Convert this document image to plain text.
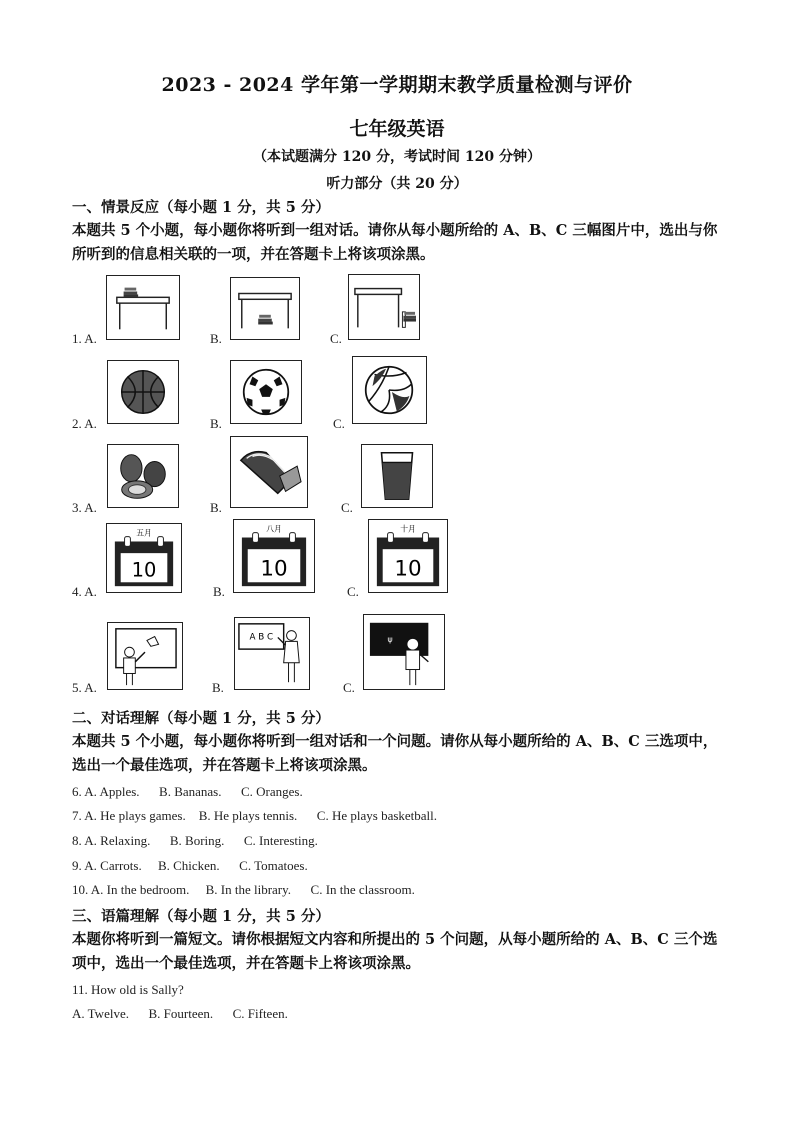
2023 - 2024 学年第一学期期末教学质量检测与评价
七年级英语
（本试题满分 120 分，考试时间 120 分钟）
听力部分（共 20 分）
一、情景反应（每小题 1 分，共 5 分）
本题共 5 个小题，每小题你将听到一组对话。请你从每小题所给的 A、B、C 三幅图片中，选出与你所听到的信息相关联的一项，并在答题卡上将该项涂黑。
1. A.	B.	C.
2. A.	B.	C.
3. A.	B.	C.
4. A.	B.	C.
五月
10
八月
10
十月
10
5. A.	B.	C.
A B C	ψ
二、对话理解（每小题 1 分，共 5 分）
本题共 5 个小题，每小题你将听到一组对话和一个问题。请你从每小题所给的 A、B、C 三选项中，选出一个最佳选项，并在答题卡上将该项涂黑。
6. A. Apples.      B. Bananas.      C. Oranges.
7. A. He plays games.    B. He plays tennis.      C. He plays basketball.
8. A. Relaxing.      B. Boring.      C. Interesting.
9. A. Carrots.     B. Chicken.      C. Tomatoes.
10. A. In the bedroom.     B. In the library.      C. In the classroom.
三、语篇理解（每小题 1 分，共 5 分）
本题你将听到一篇短文。请你根据短文内容和所提出的 5 个问题，从每小题所给的 A、B、C 三个选项中，选出一个最佳选项，并在答题卡上将该项涂黑。
11. How old is Sally?
A. Twelve.      B. Fourteen.      C. Fifteen.
